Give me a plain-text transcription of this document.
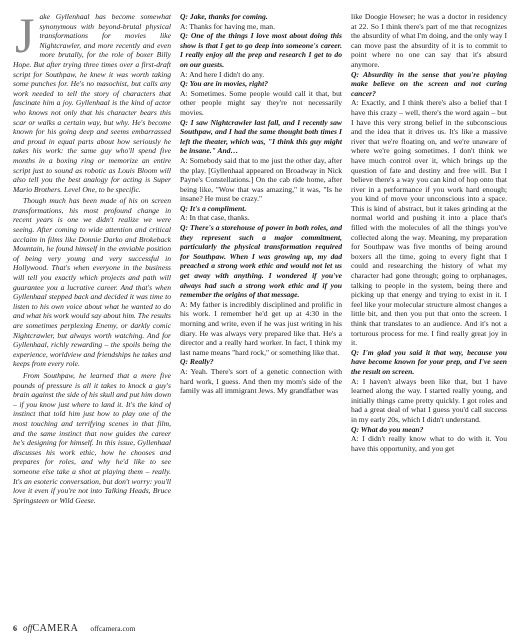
J ake Gyllenhaal has become somewhat synonymous with beyond-brutal physical transformations for movies like Nightcrawler, and more recently and even more brutally, for the role of boxer Billy Hope. But after trying three times over a first-draft script for Southpaw, he knew it was worth taking some punches for. He's no masochist, but calls any work needed to tell the story of characters that fascinate him a joy. Gyllenhaal is the kind of actor who knows not only that his character bears this scar or walks a certain way, but why. He's become known for his going deep and seems embarrassed and proud in equal parts about how seriously he takes his work: the same guy who'll spend five months in a boxing ring or memorize an entire script just to sound as robotic as Louis Bloom will also tell you the best analogy for acting is Super Mario Brothers. Level One, to be specific.

Though much has been made of his on screen transformations, his most profound change in recent years is one we didn't realize we were seeing. After coming to wide attention and critical acclaim in films like Donnie Darko and Brokeback Mountain, he found himself in the enviable position of being very young and very successful in Hollywood. That's when everyone in the business will tell you exactly which projects and path will guarantee you a lucrative career. And that's when Gyllenhaal stepped back and decided it was time to listen to his own voice about what he wanted to do and what his work would say about him. The results are sometimes perplexing Enemy, or darkly comic Nightcrawler, but always worth watching. And for Gyllenhaal, richly rewarding – the spoils being the experience, worldview and friendships he takes and keeps from every role.

From Southpaw, he learned that a mere five pounds of pressure is all it takes to knock a guy's brain against the side of his skull and put him down – if you know just where to land it. It's the kind of instinct that told him just how to play one of the most touching and terrifying scenes in that film, and the same instinct that now guides the career he's designing for himself. In this issue, Gyllenhaal discusses his work ethic, how he chooses and prepares for roles, and why he'd like to see someone else take a shot at playing them – really. It's an esoteric conversation, but don't worry: you'll love it even if you're not into Talking Heads, Bruce Springsteen or Wild Geese.

Q: Jake, thanks for coming.

A: Thanks for having me, man.

Q: One of the things I love most about doing this show is that I get to go deep into someone's career. I really enjoy all the prep and research I get to do on our guests.

A: And here I didn't do any.

Q: You are in movies, right?

A: Sometimes. Some people would call it that, but other people might say they're not necessarily movies.

Q: I saw Nightcrawler last fall, and I recently saw Southpaw, and I had the same thought both times I left the theater, which was, "I think this guy might be insane." And…

A: Somebody said that to me just the other day, after the play. [Gyllenhaal appeared on Broadway in Nick Payne's Constellations.] On the cab ride home, after being like, "Wow that was amazing," it was, "Is he insane? He must be crazy."

Q: It's a compliment.

A: In that case, thanks.

Q: There's a storehouse of power in both roles, and they represent such a major commitment, particularly the physical transformation required for Southpaw. When I was growing up, my dad preached a strong work ethic and would not let us get away with anything. I wondered if you've always had such a strong work ethic and if you remember the origins of that message.

A: My father is incredibly disciplined and prolific in his work. I remember he'd get up at 4:30 in the morning and write, even if he was just writing in his diary. He was always very prepared like that. He's a director and a really hard worker. In fact, I think my last name means "hard rock," or something like that.

Q: Really?

A: Yeah. There's sort of a genetic connection with hard work, I guess. And then my mom's side of the family was all immigrant Jews. My grandfather was

like Doogie Howser; he was a doctor in residency at 22. So I think there's part of me that recognizes the absurdity of what I'm doing, and the only way I can move past the absurdity of it is to commit to point where no one can say that it's absurd anymore.

Q: Absurdity in the sense that you're playing make believe on the screen and not curing cancer?

A: Exactly, and I think there's also a belief that I have this crazy – well, there's the word again – but I have this very strong belief in the subconscious and the idea that it drives us. It's like a massive river that we're floating on, and we're unaware of where we're going sometimes. I don't think we have much control over it, which brings up the question of fate and destiny and free will. But I believe there's a way you can kind of hop onto that river in a performance if you work hard enough; you kind of move your unconscious into a space. This is kind of abstract, but it takes grinding at the normal world and pushing it into a place that's filled with the molecules of all the things you've collected along the way. Meaning, my preparation for Southpaw was five months of being around boxers all the time, going to every fight that I could and researching the history of what my character had gone through; going to orphanages, talking to people in the system, being there and picking up that energy and trying to exist in it. I feel like your molecular structure almost changes a little bit, and then you put that onto the screen. I think that translates to an audience. And it's not a torturous process for me. I find really great joy in it.

Q: I'm glad you said it that way, because you have become known for your prep, and I've seen the result on screen.

A: I haven't always been like that, but I have learned along the way. I started really young, and initially things came pretty quickly. I got roles and had a great deal of what I guess you'd call success in my early 20s, which I didn't understand.

Q: What do you mean?

A: I didn't really know what to do with it. You have this opportunity, and you get

6 offCAMERA offcamera.com
